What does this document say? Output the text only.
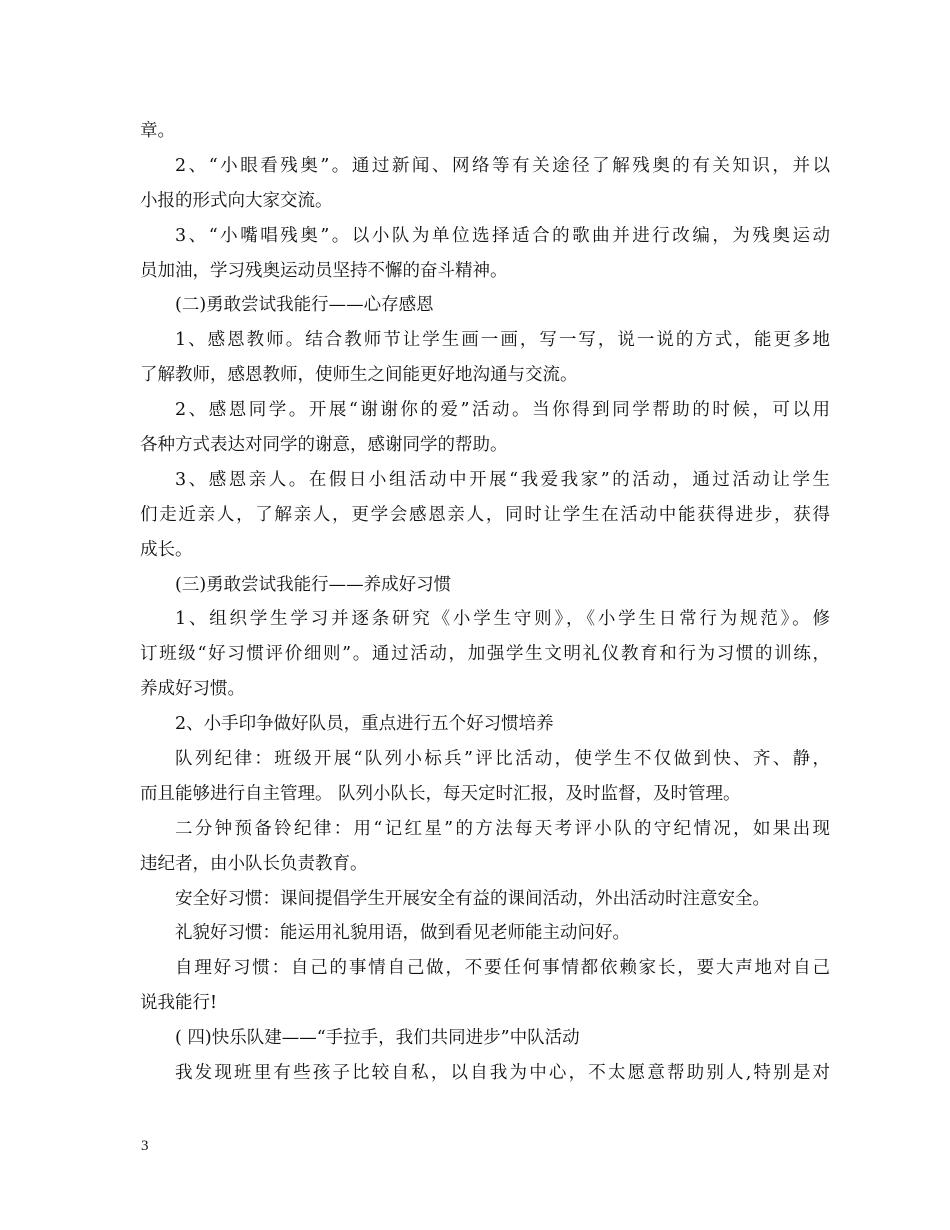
章。
2、“小眼看残奥”。通过新闻、网络等有关途径了解残奥的有关知识，并以
小报的形式向大家交流。
3、“小嘴唱残奥”。以小队为单位选择适合的歌曲并进行改编，为残奥运动
员加油，学习残奥运动员坚持不懈的奋斗精神。
(二)勇敢尝试我能行——心存感恩
1、感恩教师。结合教师节让学生画一画，写一写，说一说的方式，能更多地
了解教师，感恩教师，使师生之间能更好地沟通与交流。
2、感恩同学。开展“谢谢你的爱”活动。当你得到同学帮助的时候，可以用
各种方式表达对同学的谢意，感谢同学的帮助。
3、感恩亲人。在假日小组活动中开展“我爱我家”的活动，通过活动让学生
们走近亲人，了解亲人，更学会感恩亲人，同时让学生在活动中能获得进步，获得
成长。
(三)勇敢尝试我能行——养成好习惯
1、组织学生学习并逐条研究《小学生守则》，《小学生日常行为规范》。修
订班级“好习惯评价细则”。通过活动，加强学生文明礼仪教育和行为习惯的训练，
养成好习惯。
2、小手印争做好队员，重点进行五个好习惯培养
队列纪律：班级开展“队列小标兵”评比活动，使学生不仅做到快、齐、静，
而且能够进行自主管理。 队列小队长，每天定时汇报，及时监督，及时管理。
二分钟预备铃纪律：用“记红星”的方法每天考评小队的守纪情况，如果出现
违纪者，由小队长负责教育。
安全好习惯：课间提倡学生开展安全有益的课间活动，外出活动时注意安全。
礼貌好习惯：能运用礼貌用语，做到看见老师能主动问好。
自理好习惯：自己的事情自己做，不要任何事情都依赖家长，要大声地对自己
说我能行!
( 四)快乐队建——“手拉手，我们共同进步”中队活动
我发现班里有些孩子比较自私，以自我为中心，不太愿意帮助别人,特别是对
3
